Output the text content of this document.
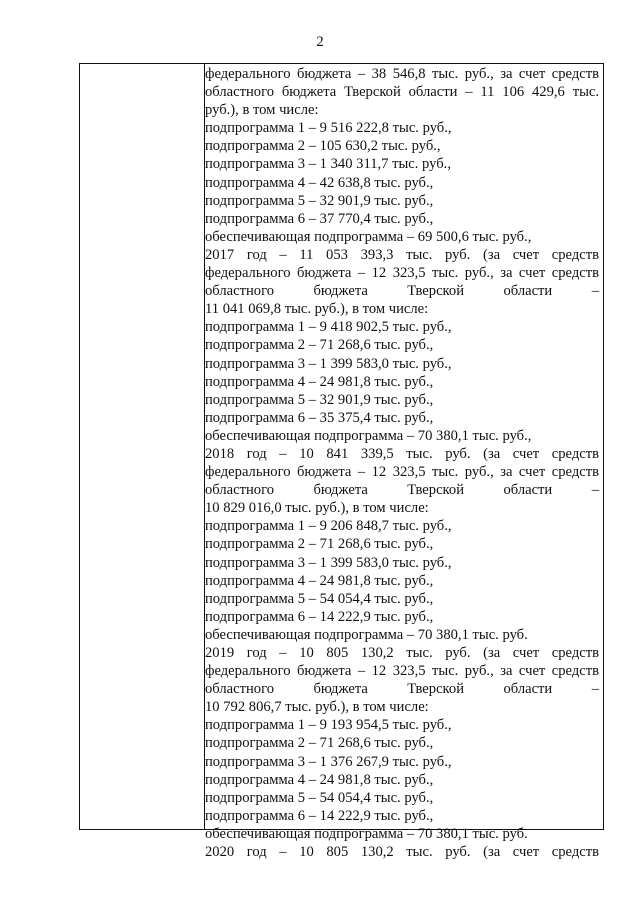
2
федерального бюджета – 38 546,8 тыс. руб., за счет средств
областного бюджета Тверской области – 11 106 429,6 тыс.
руб.), в том числе:
подпрограмма 1 – 9 516 222,8 тыс. руб.,
подпрограмма 2 – 105 630,2 тыс. руб.,
подпрограмма 3 – 1 340 311,7 тыс. руб.,
подпрограмма 4 – 42 638,8 тыс. руб.,
подпрограмма 5 – 32 901,9 тыс. руб.,
подпрограмма 6 – 37 770,4 тыс. руб.,
обеспечивающая подпрограмма – 69 500,6 тыс. руб.,
2017 год – 11 053 393,3 тыс. руб. (за счет средств
федерального бюджета – 12 323,5 тыс. руб., за счет средств
областного бюджета Тверской области –
11 041 069,8 тыс. руб.), в том числе:
подпрограмма 1 – 9 418 902,5 тыс. руб.,
подпрограмма 2 – 71 268,6 тыс. руб.,
подпрограмма 3 – 1 399 583,0 тыс. руб.,
подпрограмма 4 – 24 981,8 тыс. руб.,
подпрограмма 5 – 32 901,9 тыс. руб.,
подпрограмма 6 – 35 375,4 тыс. руб.,
обеспечивающая подпрограмма – 70 380,1 тыс. руб.,
2018 год – 10 841 339,5 тыс. руб. (за счет средств
федерального бюджета – 12 323,5 тыс. руб., за счет средств
областного бюджета Тверской области –
10 829 016,0 тыс. руб.), в том числе:
подпрограмма 1 – 9 206 848,7 тыс. руб.,
подпрограмма 2 – 71 268,6 тыс. руб.,
подпрограмма 3 – 1 399 583,0 тыс. руб.,
подпрограмма 4 – 24 981,8 тыс. руб.,
подпрограмма 5 – 54 054,4 тыс. руб.,
подпрограмма 6 – 14 222,9 тыс. руб.,
обеспечивающая подпрограмма – 70 380,1 тыс. руб.
2019 год – 10 805 130,2 тыс. руб. (за счет средств
федерального бюджета – 12 323,5 тыс. руб., за счет средств
областного бюджета Тверской области –
10 792 806,7 тыс. руб.), в том числе:
подпрограмма 1 – 9 193 954,5 тыс. руб.,
подпрограмма 2 – 71 268,6 тыс. руб.,
подпрограмма 3 – 1 376 267,9 тыс. руб.,
подпрограмма 4 – 24 981,8 тыс. руб.,
подпрограмма 5 – 54 054,4 тыс. руб.,
подпрограмма 6 – 14 222,9 тыс. руб.,
обеспечивающая подпрограмма – 70 380,1 тыс. руб.
2020 год – 10 805 130,2 тыс. руб. (за счет средств
